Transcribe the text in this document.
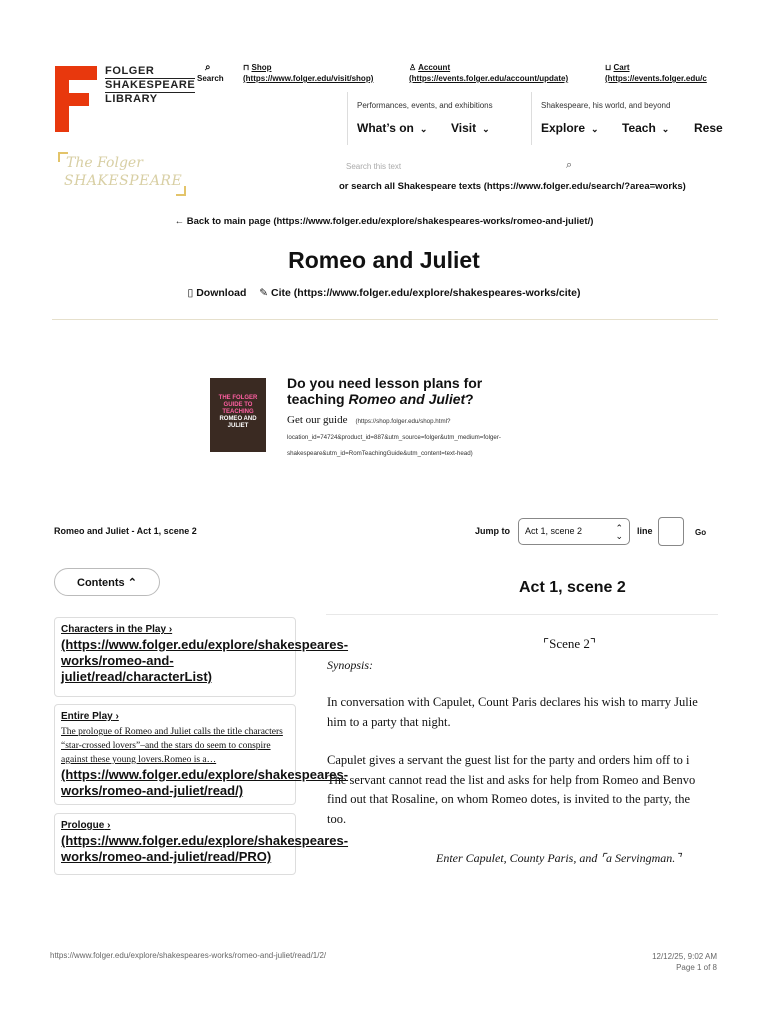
FOLGER
SHAKESPEARE
LIBRARY
⌕
Search
⊓ Shop
(https://www.folger.edu/visit/shop)
♙ Account
(https://events.folger.edu/account/update)
⊔ Cart
(https://events.folger.edu/c
Performances, events, and exhibitions	Shakespeare, his world, and beyond
What’s on ⌄ Visit ⌄	Explore ⌄ Teach ⌄ Rese
The Folger
SHAKESPEARE
Search this text	⌕
or search all Shakespeare texts (https://www.folger.edu/search/?area=works)
← Back to main page (https://www.folger.edu/explore/shakespeares-works/romeo-and-juliet/)
Romeo and Juliet
▯ Download ✎ Cite (https://www.folger.edu/explore/shakespeares-works/cite)
THE FOLGER
GUIDE TO
TEACHING
ROMEO AND
JULIET
Do you need lesson plans for
teaching Romeo and Juliet?
Get our guide (https://shop.folger.edu/shop.html?location_id=74724&product_id=887&utm_source=folger&utm_medium=folger-shakespeare&utm_id=RomTeachingGuide&utm_content=text-head)
Romeo and Juliet - Act 1, scene 2	Jump to	Act 1, scene 2	⌃
⌄ line	Go
Contents ⌃
Characters in the Play ›
(https://www.folger.edu/explore/shakespeares-works/romeo-and-juliet/read/characterList)
Entire Play ›
The prologue of Romeo and Juliet calls the title characters “star-crossed lovers”–and the stars do seem to conspire against these young lovers.Romeo is a…
(https://www.folger.edu/explore/shakespeares-works/romeo-and-juliet/read/)
Prologue ›
(https://www.folger.edu/explore/shakespeares-works/romeo-and-juliet/read/PRO)
Act 1, scene 2
⌜Scene 2⌝
Synopsis:
In conversation with Capulet, Count Paris declares his wish to marry Julie
him to a party that night.
Capulet gives a servant the guest list for the party and orders him off to i
The servant cannot read the list and asks for help from Romeo and Benvo
find out that Rosaline, on whom Romeo dotes, is invited to the party, the
too.
Enter Capulet, County Paris, and ⌜a Servingman.⌝
https://www.folger.edu/explore/shakespeares-works/romeo-and-juliet/read/1/2/	12/12/25, 9:02 AM
Page 1 of 8
